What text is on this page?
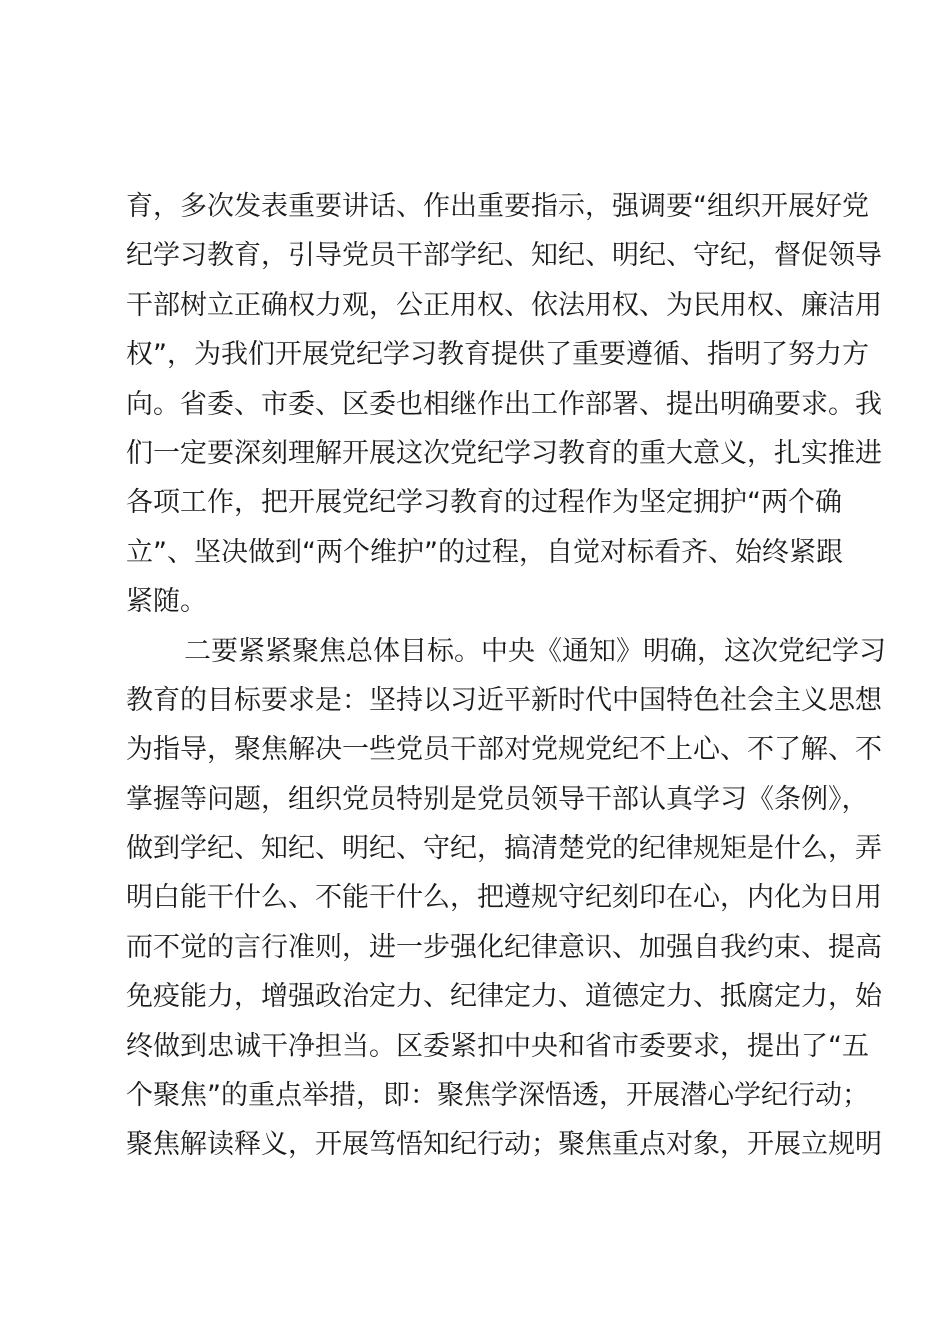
育，多次发表重要讲话、作出重要指示，强调要“组织开展好党
纪学习教育，引导党员干部学纪、知纪、明纪、守纪，督促领导
干部树立正确权力观，公正用权、依法用权、为民用权、廉洁用
权”，为我们开展党纪学习教育提供了重要遵循、指明了努力方
向。省委、市委、区委也相继作出工作部署、提出明确要求。我
们一定要深刻理解开展这次党纪学习教育的重大意义，扎实推进
各项工作，把开展党纪学习教育的过程作为坚定拥护“两个确
立”、坚决做到“两个维护”的过程，自觉对标看齐、始终紧跟
紧随。
二要紧紧聚焦总体目标。中央《通知》明确，这次党纪学习
教育的目标要求是：坚持以习近平新时代中国特色社会主义思想
为指导，聚焦解决一些党员干部对党规党纪不上心、不了解、不
掌握等问题，组织党员特别是党员领导干部认真学习《条例》，
做到学纪、知纪、明纪、守纪，搞清楚党的纪律规矩是什么，弄
明白能干什么、不能干什么，把遵规守纪刻印在心，内化为日用
而不觉的言行准则，进一步强化纪律意识、加强自我约束、提高
免疫能力，增强政治定力、纪律定力、道德定力、抵腐定力，始
终做到忠诚干净担当。区委紧扣中央和省市委要求，提出了“五
个聚焦”的重点举措，即：聚焦学深悟透，开展潜心学纪行动；
聚焦解读释义，开展笃悟知纪行动；聚焦重点对象，开展立规明
